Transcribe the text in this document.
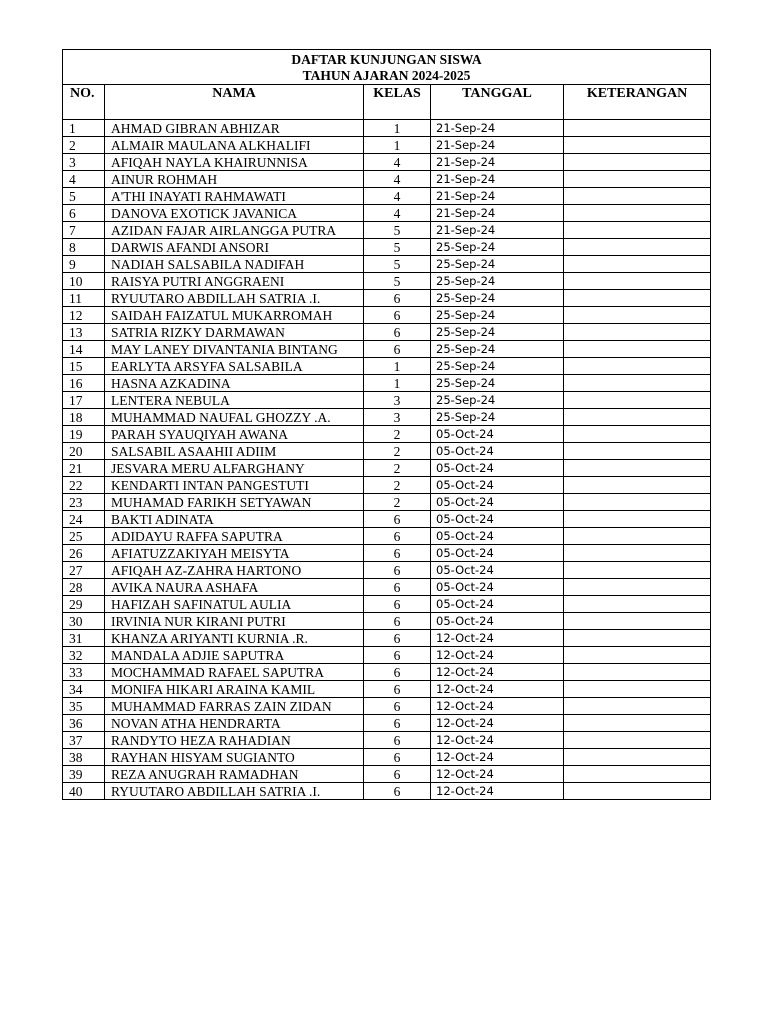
DAFTAR KUNJUNGAN SISWA
TAHUN AJARAN 2024-2025				

NO.	NAMA	KELAS	TANGGAL	KETERANGAN
1	AHMAD GIBRAN ABHIZAR	1	21-Sep-24	
2	ALMAIR MAULANA ALKHALIFI	1	21-Sep-24	
3	AFIQAH NAYLA KHAIRUNNISA	4	21-Sep-24	
4	AINUR ROHMAH	4	21-Sep-24	
5	A'THI INAYATI RAHMAWATI	4	21-Sep-24	
6	DANOVA EXOTICK JAVANICA	4	21-Sep-24	
7	AZIDAN FAJAR AIRLANGGA PUTRA	5	21-Sep-24	
8	DARWIS AFANDI ANSORI	5	25-Sep-24	
9	NADIAH SALSABILA NADIFAH	5	25-Sep-24	
10	RAISYA PUTRI ANGGRAENI	5	25-Sep-24	
11	RYUUTARO ABDILLAH SATRIA .I.	6	25-Sep-24	
12	SAIDAH FAIZATUL MUKARROMAH	6	25-Sep-24	
13	SATRIA RIZKY DARMAWAN	6	25-Sep-24	
14	MAY LANEY DIVANTANIA BINTANG	6	25-Sep-24	
15	EARLYTA ARSYFA SALSABILA	1	25-Sep-24	
16	HASNA AZKADINA	1	25-Sep-24	
17	LENTERA NEBULA	3	25-Sep-24	
18	MUHAMMAD NAUFAL GHOZZY .A.	3	25-Sep-24	
19	PARAH SYAUQIYAH AWANA	2	05-Oct-24	
20	SALSABIL ASAAHII ADIIM	2	05-Oct-24	
21	JESVARA MERU ALFARGHANY	2	05-Oct-24	
22	KENDARTI INTAN PANGESTUTI	2	05-Oct-24	
23	MUHAMAD FARIKH SETYAWAN	2	05-Oct-24	
24	BAKTI ADINATA	6	05-Oct-24	
25	ADIDAYU RAFFA SAPUTRA	6	05-Oct-24	
26	AFIATUZZAKIYAH MEISYTA	6	05-Oct-24	
27	AFIQAH AZ-ZAHRA HARTONO	6	05-Oct-24	
28	AVIKA NAURA ASHAFA	6	05-Oct-24	
29	HAFIZAH SAFINATUL AULIA	6	05-Oct-24	
30	IRVINIA NUR KIRANI PUTRI	6	05-Oct-24	
31	KHANZA ARIYANTI KURNIA .R.	6	12-Oct-24	
32	MANDALA ADJIE SAPUTRA	6	12-Oct-24	
33	MOCHAMMAD RAFAEL SAPUTRA	6	12-Oct-24	
34	MONIFA HIKARI ARAINA KAMIL	6	12-Oct-24	
35	MUHAMMAD FARRAS ZAIN ZIDAN	6	12-Oct-24	
36	NOVAN ATHA HENDRARTA	6	12-Oct-24	
37	RANDYTO HEZA RAHADIAN	6	12-Oct-24	
38	RAYHAN HISYAM SUGIANTO	6	12-Oct-24	
39	REZA ANUGRAH RAMADHAN	6	12-Oct-24	
40	RYUUTARO ABDILLAH SATRIA .I.	6	12-Oct-24	
